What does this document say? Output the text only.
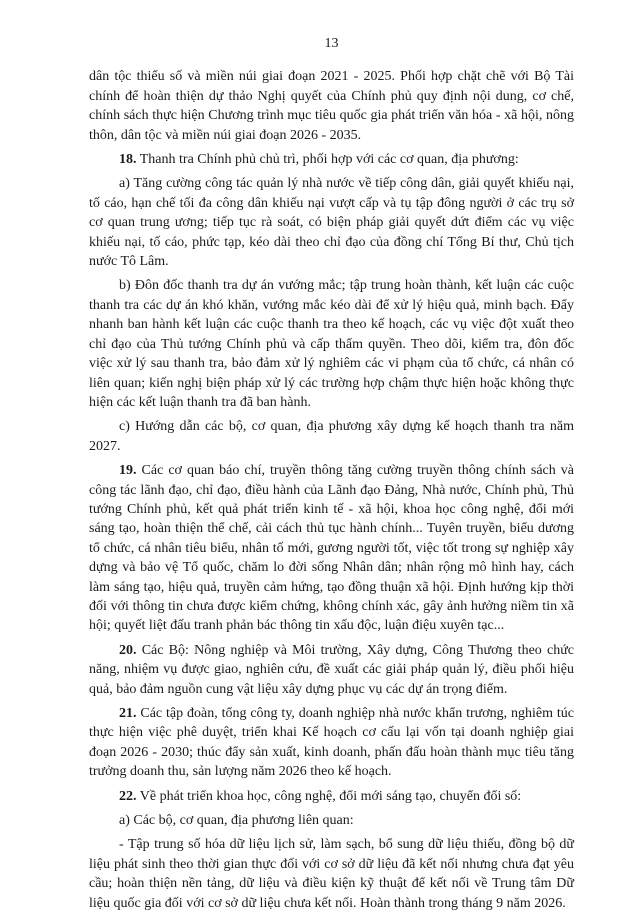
13

dân tộc thiểu số và miền núi giai đoạn 2021 - 2025. Phối hợp chặt chẽ với Bộ Tài chính để hoàn thiện dự thảo Nghị quyết của Chính phủ quy định nội dung, cơ chế, chính sách thực hiện Chương trình mục tiêu quốc gia phát triển văn hóa - xã hội, nông thôn, dân tộc và miền núi giai đoạn 2026 - 2035.

18. Thanh tra Chính phủ chủ trì, phối hợp với các cơ quan, địa phương:

a) Tăng cường công tác quản lý nhà nước về tiếp công dân, giải quyết khiếu nại, tố cáo, hạn chế tối đa công dân khiếu nại vượt cấp và tụ tập đông người ở các trụ sở cơ quan trung ương; tiếp tục rà soát, có biện pháp giải quyết dứt điểm các vụ việc khiếu nại, tố cáo, phức tạp, kéo dài theo chỉ đạo của đồng chí Tổng Bí thư, Chủ tịch nước Tô Lâm.

b) Đôn đốc thanh tra dự án vướng mắc; tập trung hoàn thành, kết luận các cuộc thanh tra các dự án khó khăn, vướng mắc kéo dài để xử lý hiệu quả, minh bạch. Đẩy nhanh ban hành kết luận các cuộc thanh tra theo kế hoạch, các vụ việc đột xuất theo chỉ đạo của Thủ tướng Chính phủ và cấp thẩm quyền. Theo dõi, kiểm tra, đôn đốc việc xử lý sau thanh tra, bảo đảm xử lý nghiêm các vi phạm của tổ chức, cá nhân có liên quan; kiến nghị biện pháp xử lý các trường hợp chậm thực hiện hoặc không thực hiện các kết luận thanh tra đã ban hành.

c) Hướng dẫn các bộ, cơ quan, địa phương xây dựng kế hoạch thanh tra năm 2027.

19. Các cơ quan báo chí, truyền thông tăng cường truyền thông chính sách và công tác lãnh đạo, chỉ đạo, điều hành của Lãnh đạo Đảng, Nhà nước, Chính phủ, Thủ tướng Chính phủ, kết quả phát triển kinh tế - xã hội, khoa học công nghệ, đổi mới sáng tạo, hoàn thiện thể chế, cải cách thủ tục hành chính... Tuyên truyền, biểu dương tổ chức, cá nhân tiêu biểu, nhân tố mới, gương người tốt, việc tốt trong sự nghiệp xây dựng và bảo vệ Tổ quốc, chăm lo đời sống Nhân dân; nhân rộng mô hình hay, cách làm sáng tạo, hiệu quả, truyền cảm hứng, tạo đồng thuận xã hội. Định hướng kịp thời đối với thông tin chưa được kiểm chứng, không chính xác, gây ảnh hưởng niềm tin xã hội; quyết liệt đấu tranh phản bác thông tin xấu độc, luận điệu xuyên tạc...

20. Các Bộ: Nông nghiệp và Môi trường, Xây dựng, Công Thương theo chức năng, nhiệm vụ được giao, nghiên cứu, đề xuất các giải pháp quản lý, điều phối hiệu quả, bảo đảm nguồn cung vật liệu xây dựng phục vụ các dự án trọng điểm.

21. Các tập đoàn, tổng công ty, doanh nghiệp nhà nước khẩn trương, nghiêm túc thực hiện việc phê duyệt, triển khai Kế hoạch cơ cấu lại vốn tại doanh nghiệp giai đoạn 2026 - 2030; thúc đẩy sản xuất, kinh doanh, phấn đấu hoàn thành mục tiêu tăng trưởng doanh thu, sản lượng năm 2026 theo kế hoạch.

22. Về phát triển khoa học, công nghệ, đổi mới sáng tạo, chuyển đổi số:

a) Các bộ, cơ quan, địa phương liên quan:

- Tập trung số hóa dữ liệu lịch sử, làm sạch, bổ sung dữ liệu thiếu, đồng bộ dữ liệu phát sinh theo thời gian thực đối với cơ sở dữ liệu đã kết nối nhưng chưa đạt yêu cầu; hoàn thiện nền tảng, dữ liệu và điều kiện kỹ thuật để kết nối về Trung tâm Dữ liệu quốc gia đối với cơ sở dữ liệu chưa kết nối. Hoàn thành trong tháng 9 năm 2026.
